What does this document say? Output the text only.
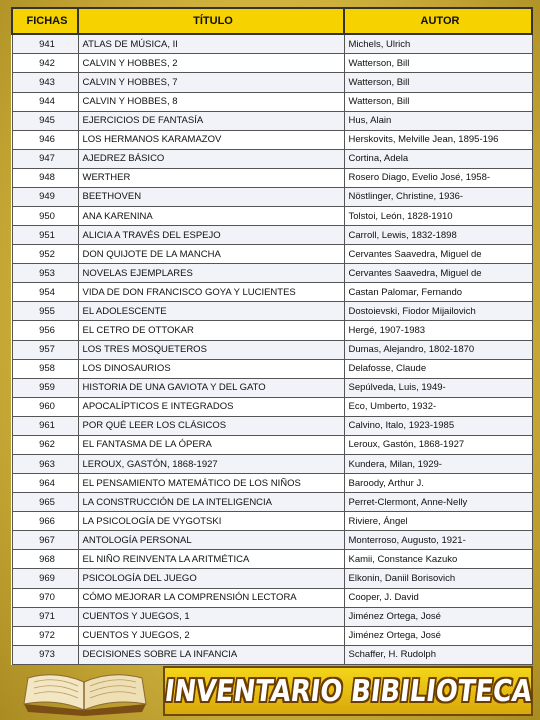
FICHAS	TÍTULO	AUTOR
941	ATLAS DE MÚSICA, II	Michels, Ulrich
942	CALVIN Y HOBBES, 2	Watterson, Bill
943	CALVIN Y HOBBES, 7	Watterson, Bill
944	CALVIN Y HOBBES, 8	Watterson, Bill
945	EJERCICIOS DE FANTASÍA	Hus, Alain
946	LOS HERMANOS KARAMAZOV	Herskovits, Melville Jean, 1895-196
947	AJEDREZ BÁSICO	Cortina, Adela
948	WERTHER	Rosero Diago, Evelio José, 1958-
949	BEETHOVEN	Nöstlinger, Christine, 1936-
950	ANA KARENINA	Tolstoi, León, 1828-1910
951	ALICIA A TRAVÉS DEL ESPEJO	Carroll, Lewis, 1832-1898
952	DON QUIJOTE DE LA MANCHA	Cervantes Saavedra, Miguel de
953	NOVELAS EJEMPLARES	Cervantes Saavedra, Miguel de
954	VIDA DE DON FRANCISCO GOYA Y LUCIENTES	Castan Palomar, Fernando
955	EL ADOLESCENTE	Dostoievski, Fiodor Mijailovich
956	EL CETRO DE OTTOKAR	Hergé, 1907-1983
957	LOS TRES MOSQUETEROS	Dumas, Alejandro, 1802-1870
958	LOS DINOSAURIOS	Delafosse, Claude
959	HISTORIA DE UNA GAVIOTA Y DEL GATO	Sepúlveda, Luis, 1949-
960	APOCALÍPTICOS E INTEGRADOS	Eco, Umberto, 1932-
961	POR QUÉ LEER LOS CLÁSICOS	Calvino, Italo, 1923-1985
962	EL FANTASMA DE LA ÓPERA	Leroux, Gastón, 1868-1927
963	LEROUX, GASTÓN, 1868-1927	Kundera, Milan, 1929-
964	EL PENSAMIENTO MATEMÁTICO DE LOS NIÑOS	Baroody, Arthur J.
965	LA CONSTRUCCIÓN DE LA INTELIGENCIA	Perret-Clermont, Anne-Nelly
966	LA PSICOLOGÍA DE VYGOTSKI	Riviere, Ángel
967	ANTOLOGÍA PERSONAL	Monterroso, Augusto, 1921-
968	EL NIÑO REINVENTA LA ARITMÉTICA	Kamii, Constance Kazuko
969	PSICOLOGÍA DEL JUEGO	Elkonin, Daniil Borisovich
970	CÓMO MEJORAR LA COMPRENSIÓN LECTORA	Cooper, J. David
971	CUENTOS Y JUEGOS, 1	Jiménez Ortega, José
972	CUENTOS Y JUEGOS, 2	Jiménez Ortega, José
973	DECISIONES SOBRE LA INFANCIA	Schaffer, H. Rudolph
INVENTARIO BIBILIOTECA
